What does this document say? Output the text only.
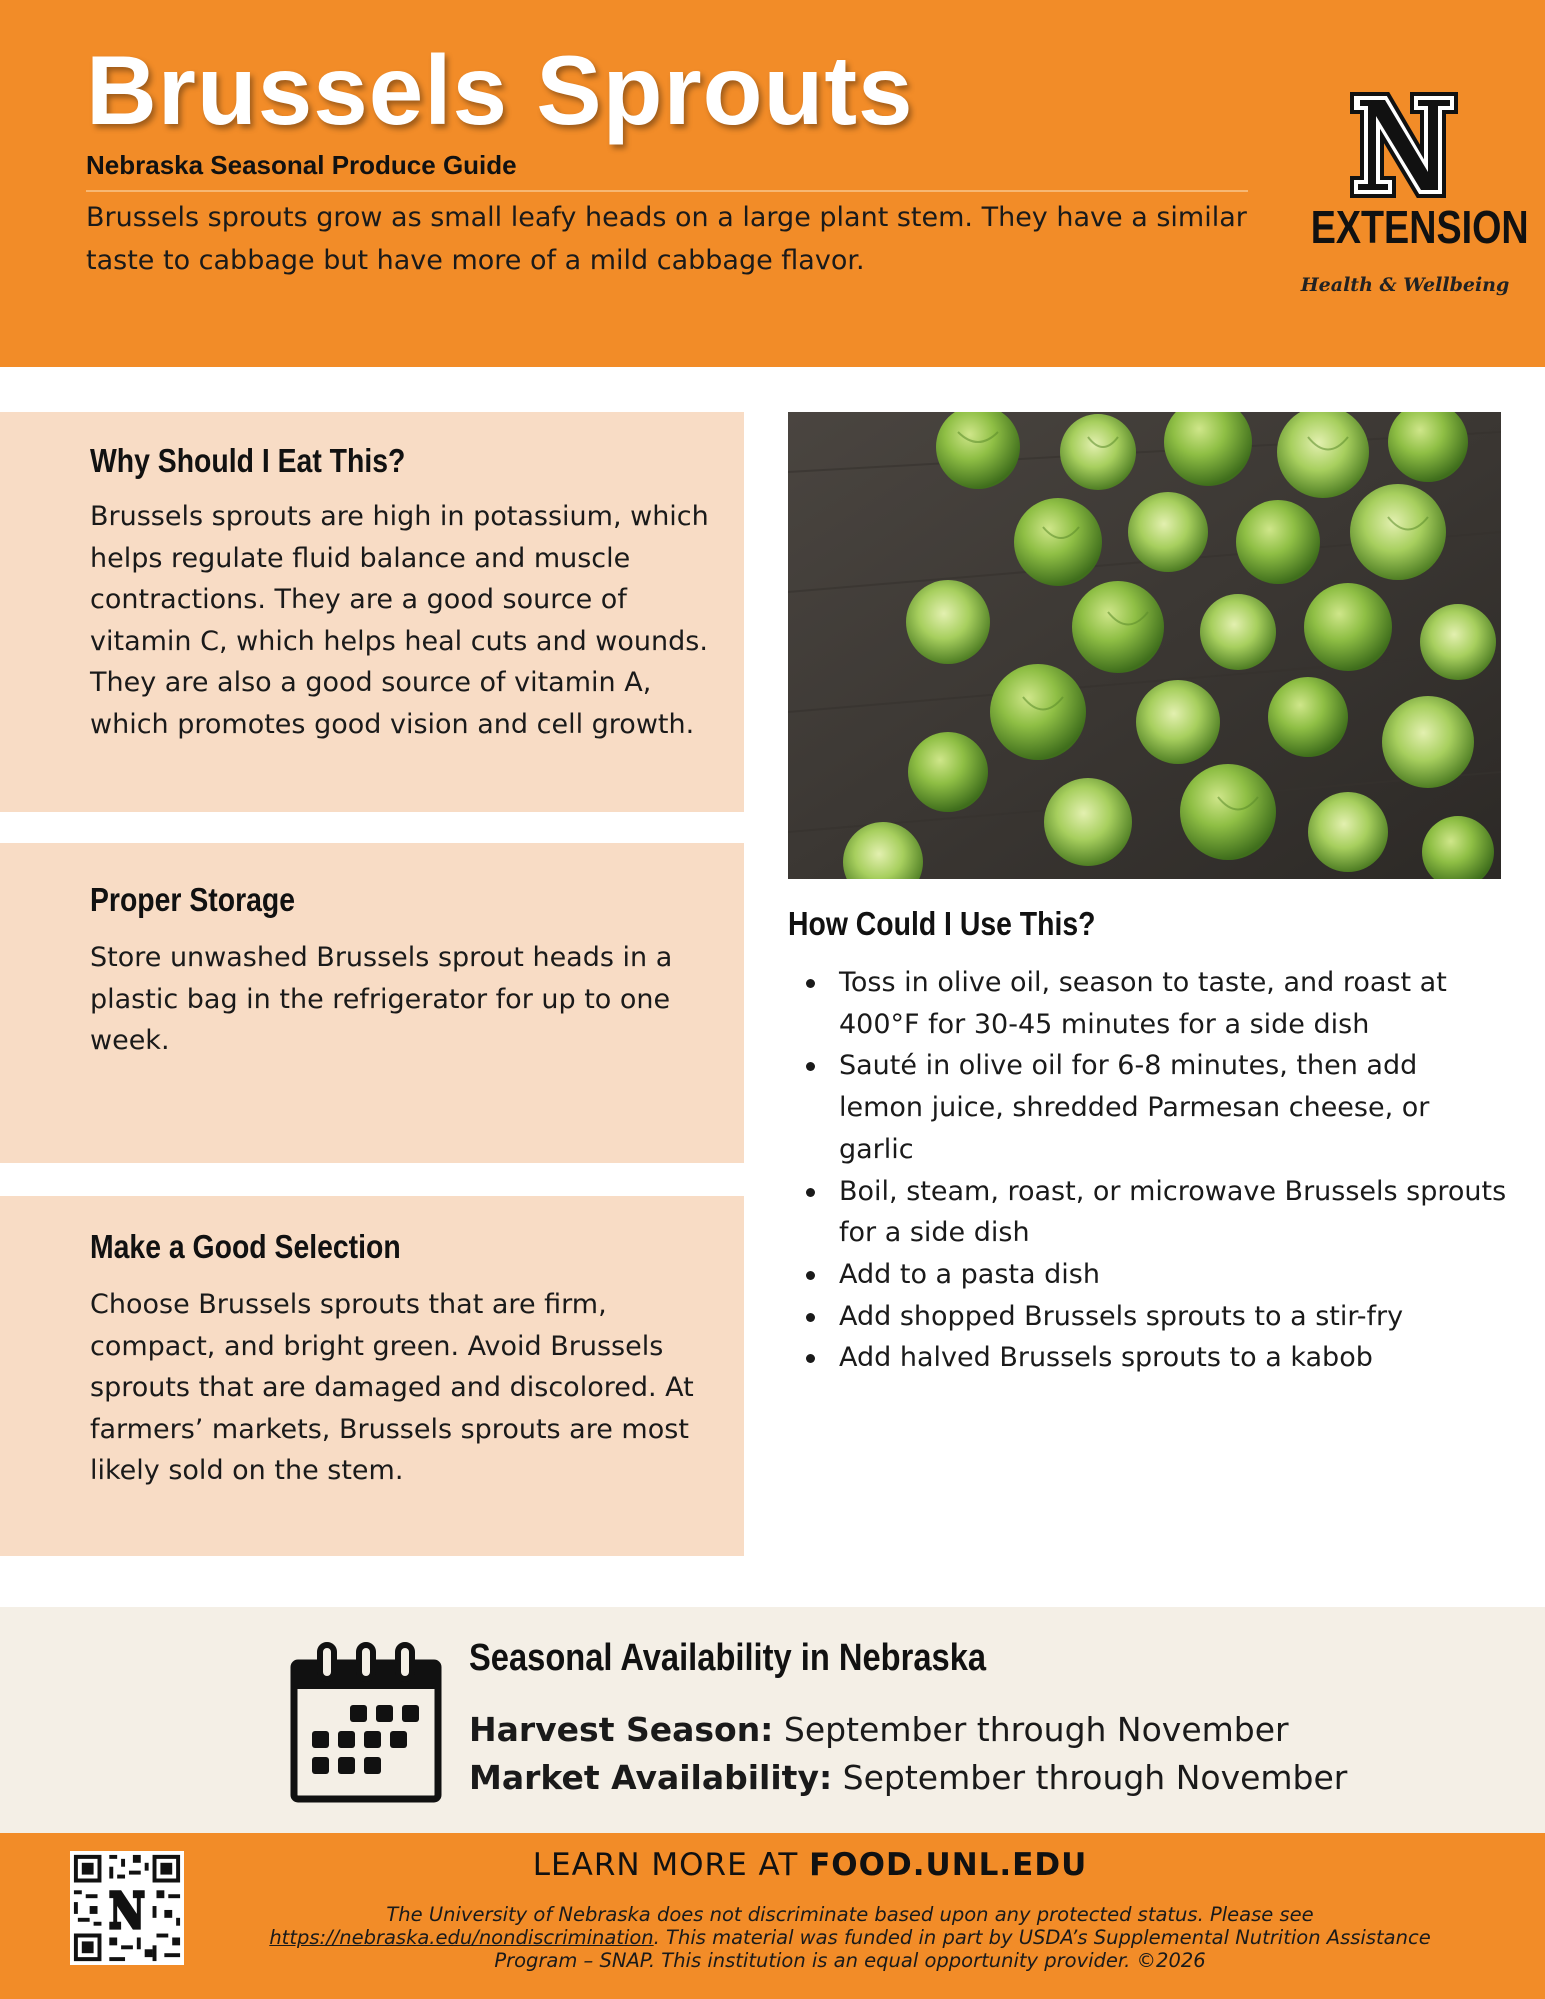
Brussels Sprouts
Nebraska Seasonal Produce Guide

Brussels sprouts grow as small leafy heads on a large plant stem. They have a similar taste to cabbage but have more of a mild cabbage flavor.

EXTENSION
Health & Wellbeing
Why Should I Eat This?

Brussels sprouts are high in potassium, which helps regulate fluid balance and muscle contractions. They are a good source of vitamin C, which helps heal cuts and wounds. They are also a good source of vitamin A, which promotes good vision and cell growth.

Proper Storage

Store unwashed Brussels sprout heads in a plastic bag in the refrigerator for up to one week.

Make a Good Selection

Choose Brussels sprouts that are firm, compact, and bright green. Avoid Brussels sprouts that are damaged and discolored. At farmers’ markets, Brussels sprouts are most likely sold on the stem.

How Could I Use This?
Toss in olive oil, season to taste, and roast at 400°F for 30-45 minutes for a side dish
Sauté in olive oil for 6-8 minutes, then add lemon juice, shredded Parmesan cheese, or garlic
Boil, steam, roast, or microwave Brussels sprouts for a side dish
Add to a pasta dish
Add shopped Brussels sprouts to a stir-fry
Add halved Brussels sprouts to a kabob
Seasonal Availability in Nebraska
Harvest Season: September through November
Market Availability: September through November
LEARN MORE AT FOOD.UNL.EDU

The University of Nebraska does not discriminate based upon any protected status. Please see https://nebraska.edu/nondiscrimination. This material was funded in part by USDA’s Supplemental Nutrition Assistance Program – SNAP. This institution is an equal opportunity provider. ©2026
